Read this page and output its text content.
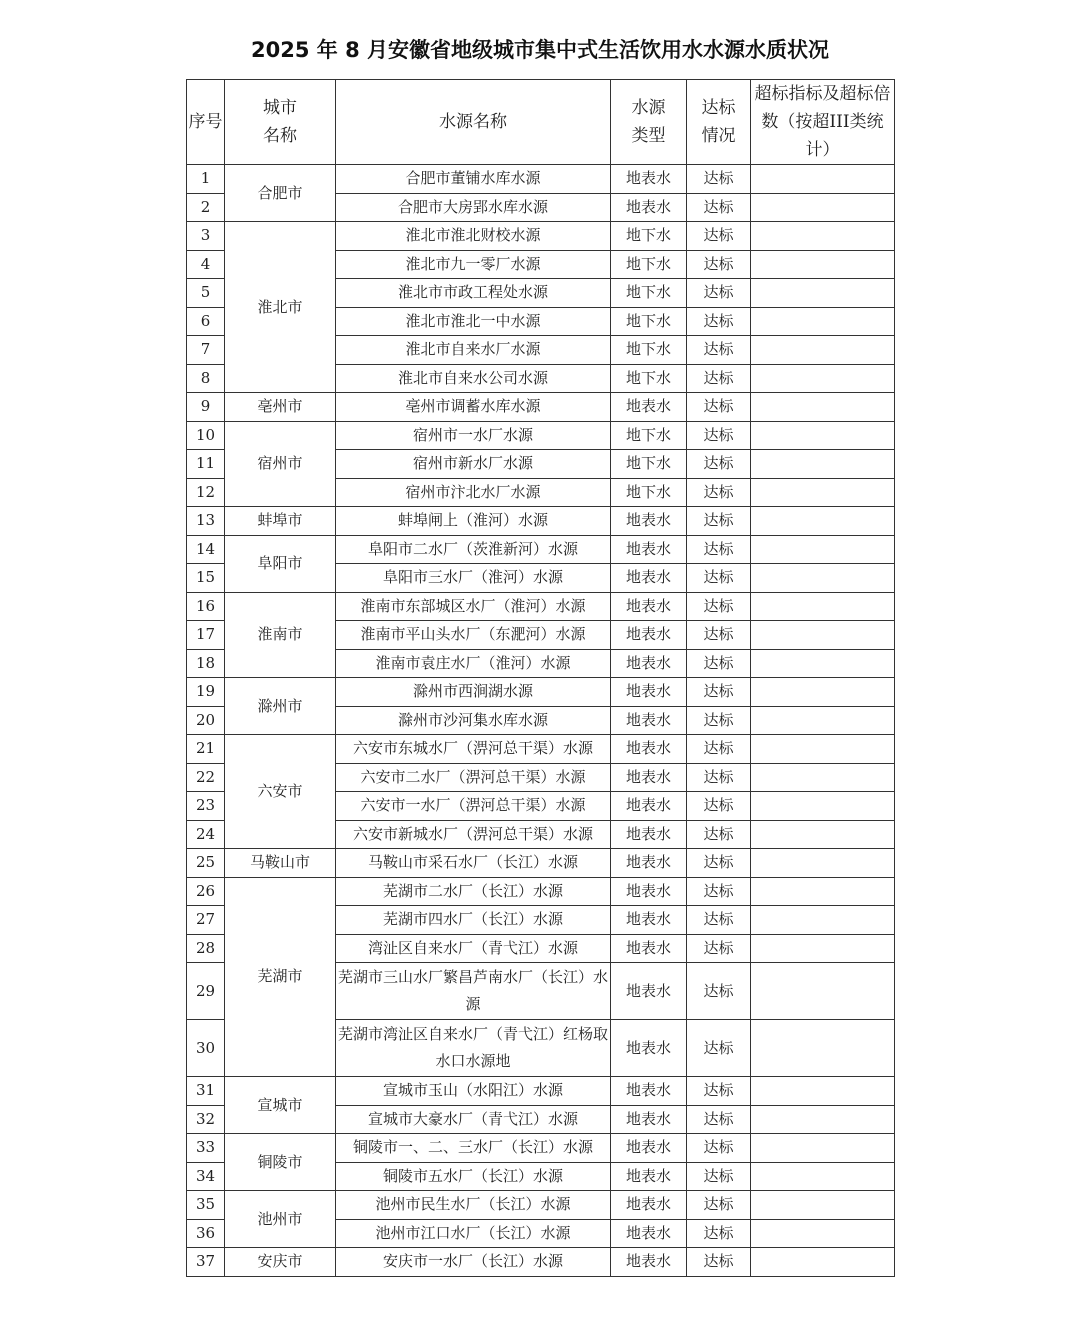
2025 年 8 月安徽省地级城市集中式生活饮用水水源水质状况
序号	城市名称	水源名称	水源类型	达标情况	超标指标及超标倍数（按超III类统计）

1	合肥市	合肥市董铺水库水源	地表水	达标	
2		合肥市大房郢水库水源	地表水	达标	
3	淮北市	淮北市淮北财校水源	地下水	达标	
4		淮北市九一零厂水源	地下水	达标	
5		淮北市市政工程处水源	地下水	达标	
6		淮北市淮北一中水源	地下水	达标	
7		淮北市自来水厂水源	地下水	达标	
8		淮北市自来水公司水源	地下水	达标	
9	亳州市	亳州市调蓄水库水源	地表水	达标	
10	宿州市	宿州市一水厂水源	地下水	达标	
11		宿州市新水厂水源	地下水	达标	
12		宿州市汴北水厂水源	地下水	达标	
13	蚌埠市	蚌埠闸上（淮河）水源	地表水	达标	
14	阜阳市	阜阳市二水厂（茨淮新河）水源	地表水	达标	
15		阜阳市三水厂（淮河）水源	地表水	达标	
16	淮南市	淮南市东部城区水厂（淮河）水源	地表水	达标	
17		淮南市平山头水厂（东淝河）水源	地表水	达标	
18		淮南市袁庄水厂（淮河）水源	地表水	达标	
19	滁州市	滁州市西涧湖水源	地表水	达标	
20		滁州市沙河集水库水源	地表水	达标	
21	六安市	六安市东城水厂（淠河总干渠）水源	地表水	达标	
22		六安市二水厂（淠河总干渠）水源	地表水	达标	
23		六安市一水厂（淠河总干渠）水源	地表水	达标	
24		六安市新城水厂（淠河总干渠）水源	地表水	达标	
25	马鞍山市	马鞍山市采石水厂（长江）水源	地表水	达标	
26	芜湖市	芜湖市二水厂（长江）水源	地表水	达标	
27		芜湖市四水厂（长江）水源	地表水	达标	
28		湾沚区自来水厂（青弋江）水源	地表水	达标	
29		芜湖市三山水厂繁昌芦南水厂（长江）水源	地表水	达标	
30		芜湖市湾沚区自来水厂（青弋江）红杨取水口水源地	地表水	达标	
31	宣城市	宣城市玉山（水阳江）水源	地表水	达标	
32		宣城市大豪水厂（青弋江）水源	地表水	达标	
33	铜陵市	铜陵市一、二、三水厂（长江）水源	地表水	达标	
34		铜陵市五水厂（长江）水源	地表水	达标	
35	池州市	池州市民生水厂（长江）水源	地表水	达标	
36		池州市江口水厂（长江）水源	地表水	达标	
37	安庆市	安庆市一水厂（长江）水源	地表水	达标	
